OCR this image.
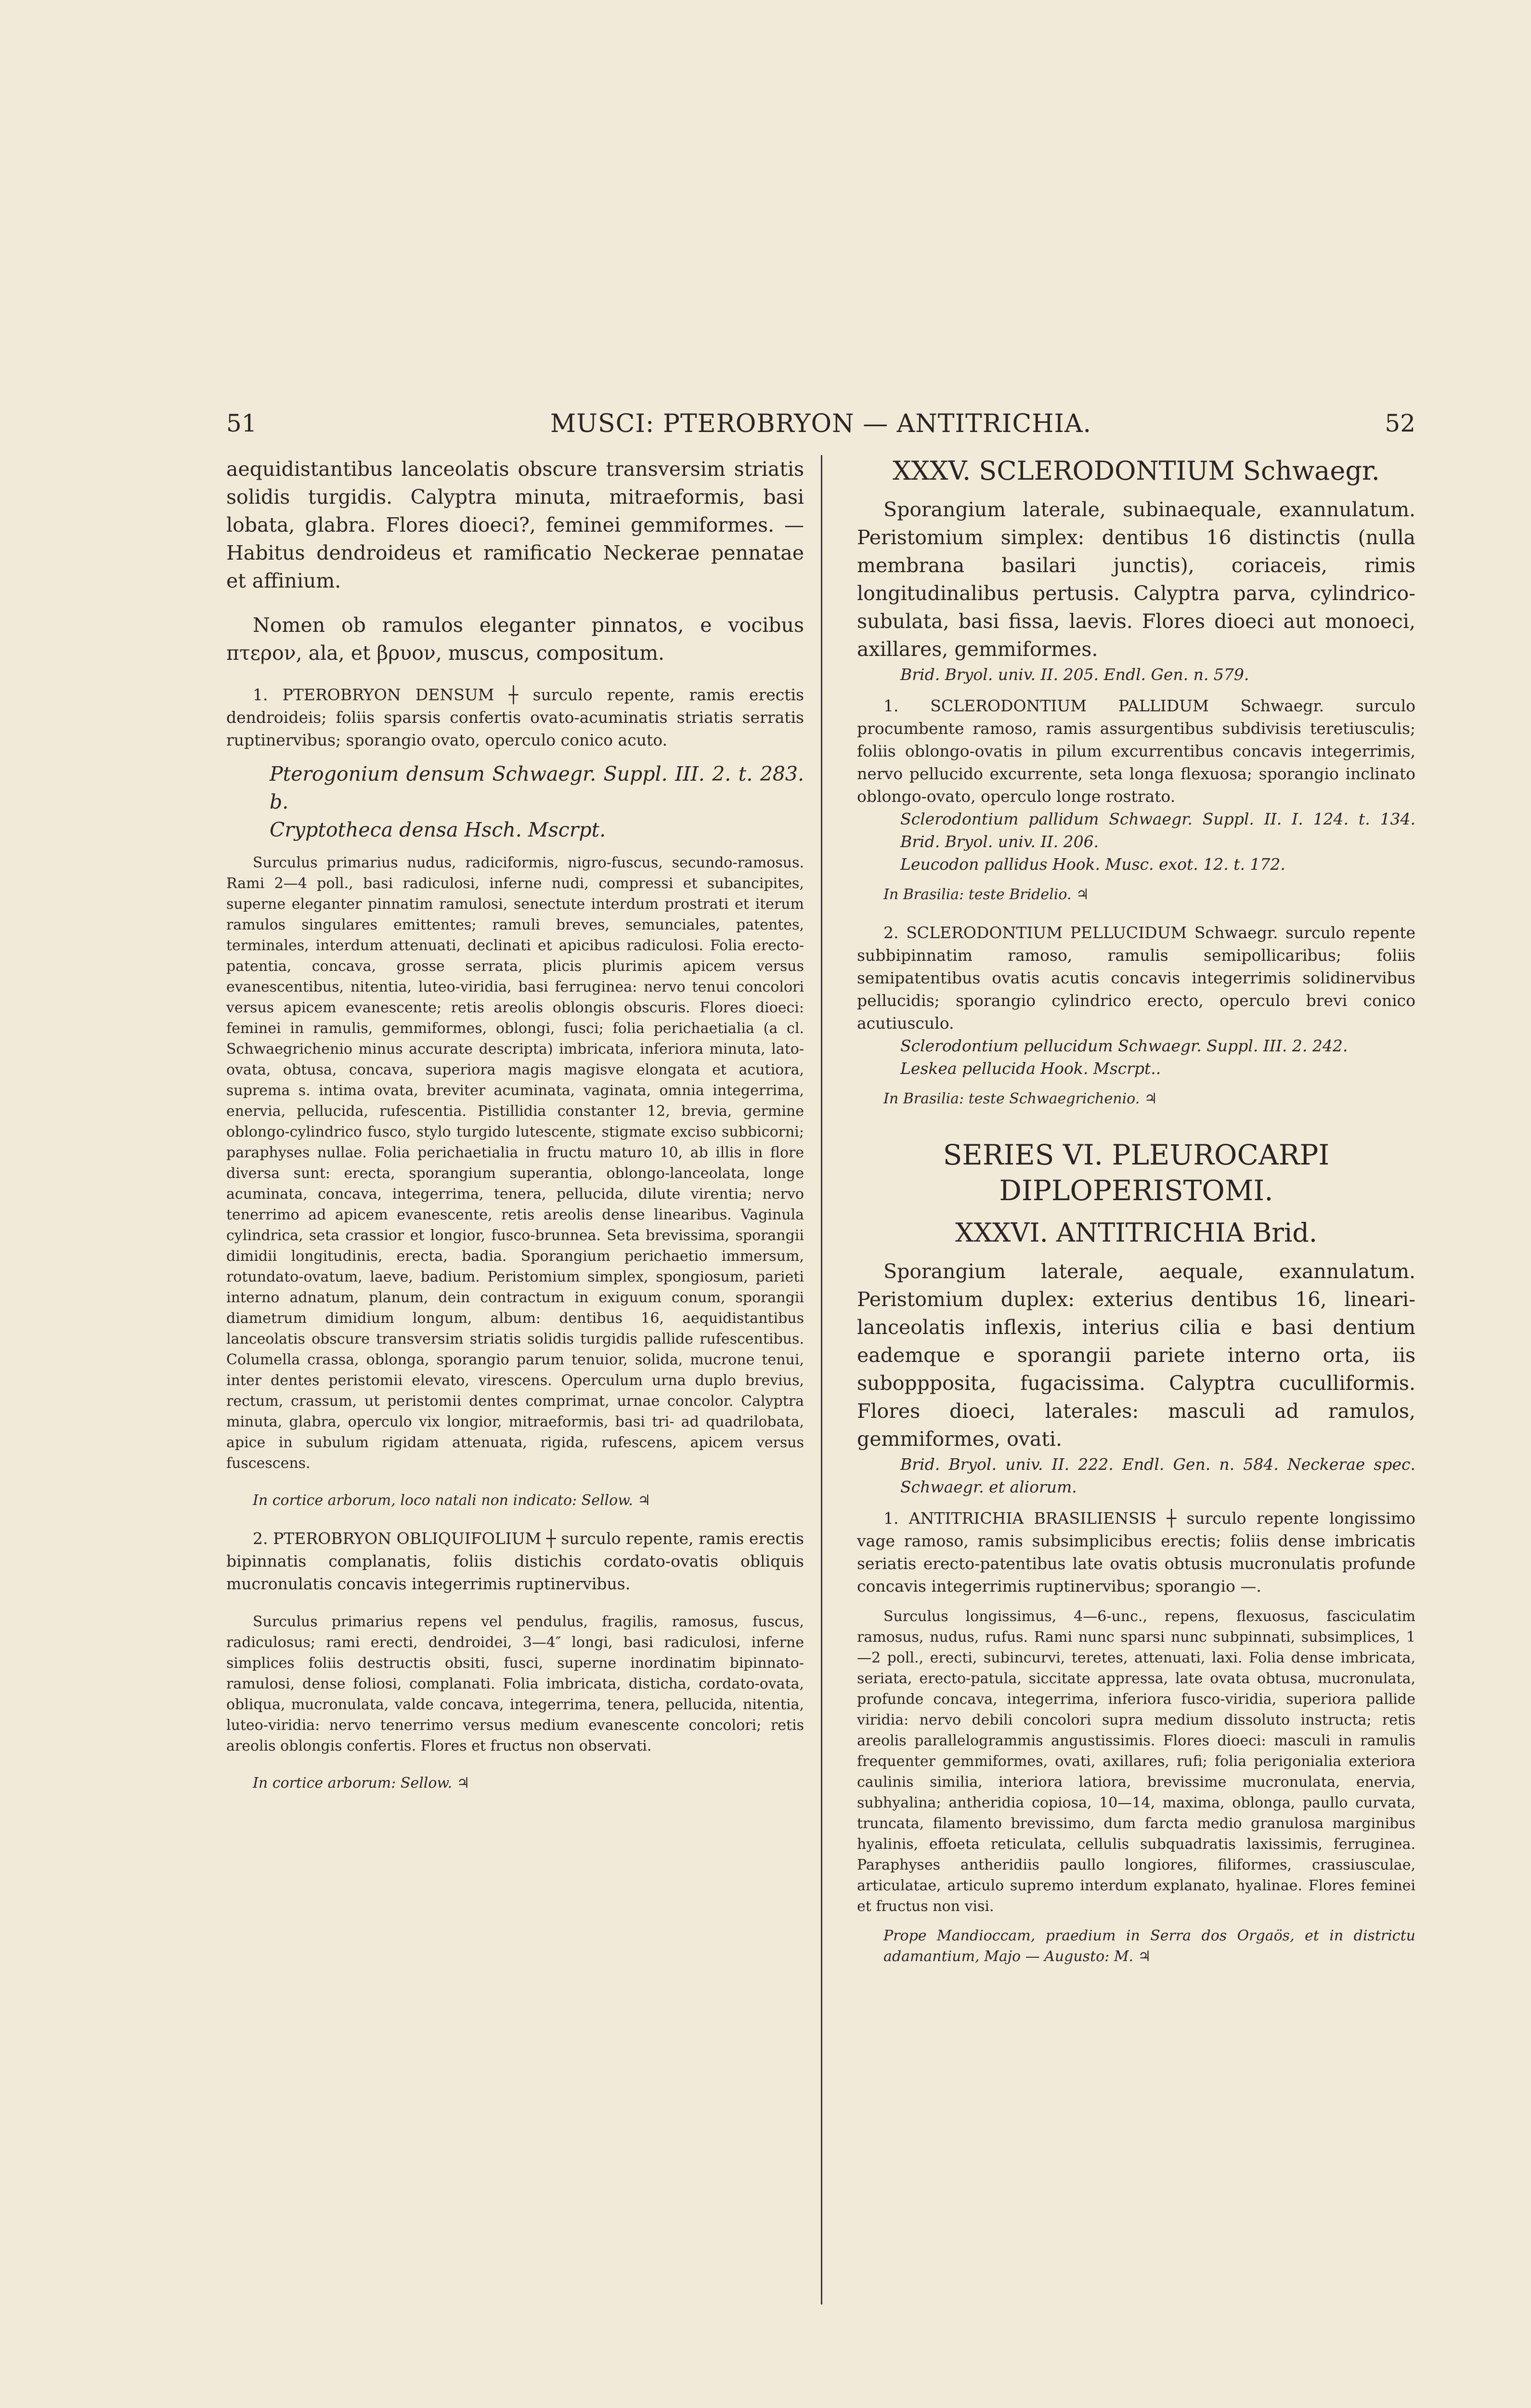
51	MUSCI: PTEROBRYON — ANTITRICHIA.	52

aequidistantibus lanceolatis obscure transversim striatis solidis turgidis. Calyptra minuta, mitraeformis, basi lobata, glabra. Flores dioeci?, feminei gemmiformes. — Habitus dendroideus et ramificatio Neckerae pennatae et affinium.

Nomen ob ramulos eleganter pinnatos, e vocibus πτερον, ala, et βρυον, muscus, compositum.

1. PTEROBRYON DENSUM ┼ surculo repente, ramis erectis dendroideis; foliis sparsis confertis ovato-acuminatis striatis serratis ruptinervibus; sporangio ovato, operculo conico acuto.

Pterogonium densum Schwaegr. Suppl. III. 2. t. 283. b.

Cryptotheca densa Hsch. Mscrpt.

Surculus primarius nudus, radiciformis, nigro-fuscus, secundo-ramosus. Rami 2—4 poll., basi radiculosi, inferne nudi, compressi et subancipites, superne eleganter pinnatim ramulosi, senectute interdum prostrati et iterum ramulos singulares emittentes; ramuli breves, semunciales, patentes, terminales, interdum attenuati, declinati et apicibus radiculosi. Folia erecto-patentia, concava, grosse serrata, plicis plurimis apicem versus evanescentibus, nitentia, luteo-viridia, basi ferruginea: nervo tenui concolori versus apicem evanescente; retis areolis oblongis obscuris. Flores dioeci: feminei in ramulis, gemmiformes, oblongi, fusci; folia perichaetialia (a cl. Schwaegrichenio minus accurate descripta) imbricata, inferiora minuta, lato-ovata, obtusa, concava, superiora magis magisve elongata et acutiora, suprema s. intima ovata, breviter acuminata, vaginata, omnia integerrima, enervia, pellucida, rufescentia. Pistillidia constanter 12, brevia, germine oblongo-cylindrico fusco, stylo turgido lutescente, stigmate exciso subbicorni; paraphyses nullae. Folia perichaetialia in fructu maturo 10, ab illis in flore diversa sunt: erecta, sporangium superantia, oblongo-lanceolata, longe acuminata, concava, integerrima, tenera, pellucida, dilute virentia; nervo tenerrimo ad apicem evanescente, retis areolis dense linearibus. Vaginula cylindrica, seta crassior et longior, fusco-brunnea. Seta brevissima, sporangii dimidii longitudinis, erecta, badia. Sporangium perichaetio immersum, rotundato-ovatum, laeve, badium. Peristomium simplex, spongiosum, parieti interno adnatum, planum, dein contractum in exiguum conum, sporangii diametrum dimidium longum, album: dentibus 16, aequidistantibus lanceolatis obscure transversim striatis solidis turgidis pallide rufescentibus. Columella crassa, oblonga, sporangio parum tenuior, solida, mucrone tenui, inter dentes peristomii elevato, virescens. Operculum urna duplo brevius, rectum, crassum, ut peristomii dentes comprimat, urnae concolor. Calyptra minuta, glabra, operculo vix longior, mitraeformis, basi tri- ad quadrilobata, apice in subulum rigidam attenuata, rigida, rufescens, apicem versus fuscescens.

In cortice arborum, loco natali non indicato: Sellow. ♃

2. PTEROBRYON OBLIQUIFOLIUM ┼ surculo repente, ramis erectis bipinnatis complanatis, foliis distichis cordato-ovatis obliquis mucronulatis concavis integerrimis ruptinervibus.

Surculus primarius repens vel pendulus, fragilis, ramosus, fuscus, radiculosus; rami erecti, dendroidei, 3—4″ longi, basi radiculosi, inferne simplices foliis destructis obsiti, fusci, superne inordinatim bipinnato-ramulosi, dense foliosi, complanati. Folia imbricata, disticha, cordato-ovata, obliqua, mucronulata, valde concava, integerrima, tenera, pellucida, nitentia, luteo-viridia: nervo tenerrimo versus medium evanescente concolori; retis areolis oblongis confertis. Flores et fructus non observati.

In cortice arborum: Sellow. ♃

XXXV. SCLERODONTIUM Schwaegr.

Sporangium laterale, subinaequale, exannulatum. Peristomium simplex: dentibus 16 distinctis (nulla membrana basilari junctis), coriaceis, rimis longitudinalibus pertusis. Calyptra parva, cylindrico-subulata, basi fissa, laevis. Flores dioeci aut monoeci, axillares, gemmiformes.

Brid. Bryol. univ. II. 205. Endl. Gen. n. 579.

1. SCLERODONTIUM PALLIDUM Schwaegr. surculo procumbente ramoso, ramis assurgentibus subdivisis teretiusculis; foliis oblongo-ovatis in pilum excurrentibus concavis integerrimis, nervo pellucido excurrente, seta longa flexuosa; sporangio inclinato oblongo-ovato, operculo longe rostrato.

Sclerodontium pallidum Schwaegr. Suppl. II. I. 124. t. 134. Brid. Bryol. univ. II. 206.

Leucodon pallidus Hook. Musc. exot. 12. t. 172.

In Brasilia: teste Bridelio. ♃

2. SCLERODONTIUM PELLUCIDUM Schwaegr. surculo repente subbipinnatim ramoso, ramulis semipollicaribus; foliis semipatentibus ovatis acutis concavis integerrimis solidinervibus pellucidis; sporangio cylindrico erecto, operculo brevi conico acutiusculo.

Sclerodontium pellucidum Schwaegr. Suppl. III. 2. 242.

Leskea pellucida Hook. Mscrpt..

In Brasilia: teste Schwaegrichenio. ♃

SERIES VI. PLEUROCARPI DIPLOPERISTOMI.

XXXVI. ANTITRICHIA Brid.

Sporangium laterale, aequale, exannulatum. Peristomium duplex: exterius dentibus 16, lineari-lanceolatis inflexis, interius cilia e basi dentium eademque e sporangii pariete interno orta, iis suboppposita, fugacissima. Calyptra cuculliformis. Flores dioeci, laterales: masculi ad ramulos, gemmiformes, ovati.

Brid. Bryol. univ. II. 222. Endl. Gen. n. 584. Neckerae spec. Schwaegr. et aliorum.

1. ANTITRICHIA BRASILIENSIS ┼ surculo repente longissimo vage ramoso, ramis subsimplicibus erectis; foliis dense imbricatis seriatis erecto-patentibus late ovatis obtusis mucronulatis profunde concavis integerrimis ruptinervibus; sporangio —.

Surculus longissimus, 4—6-unc., repens, flexuosus, fasciculatim ramosus, nudus, rufus. Rami nunc sparsi nunc subpinnati, subsimplices, 1—2 poll., erecti, subincurvi, teretes, attenuati, laxi. Folia dense imbricata, seriata, erecto-patula, siccitate appressa, late ovata obtusa, mucronulata, profunde concava, integerrima, inferiora fusco-viridia, superiora pallide viridia: nervo debili concolori supra medium dissoluto instructa; retis areolis parallelogrammis angustissimis. Flores dioeci: masculi in ramulis frequenter gemmiformes, ovati, axillares, rufi; folia perigonialia exteriora caulinis similia, interiora latiora, brevissime mucronulata, enervia, subhyalina; antheridia copiosa, 10—14, maxima, oblonga, paullo curvata, truncata, filamento brevissimo, dum farcta medio granulosa marginibus hyalinis, effoeta reticulata, cellulis subquadratis laxissimis, ferruginea. Paraphyses antheridiis paullo longiores, filiformes, crassiusculae, articulatae, articulo supremo interdum explanato, hyalinae. Flores feminei et fructus non visi.

Prope Mandioccam, praedium in Serra dos Orgaös, et in districtu adamantium, Majo — Augusto: M. ♃
